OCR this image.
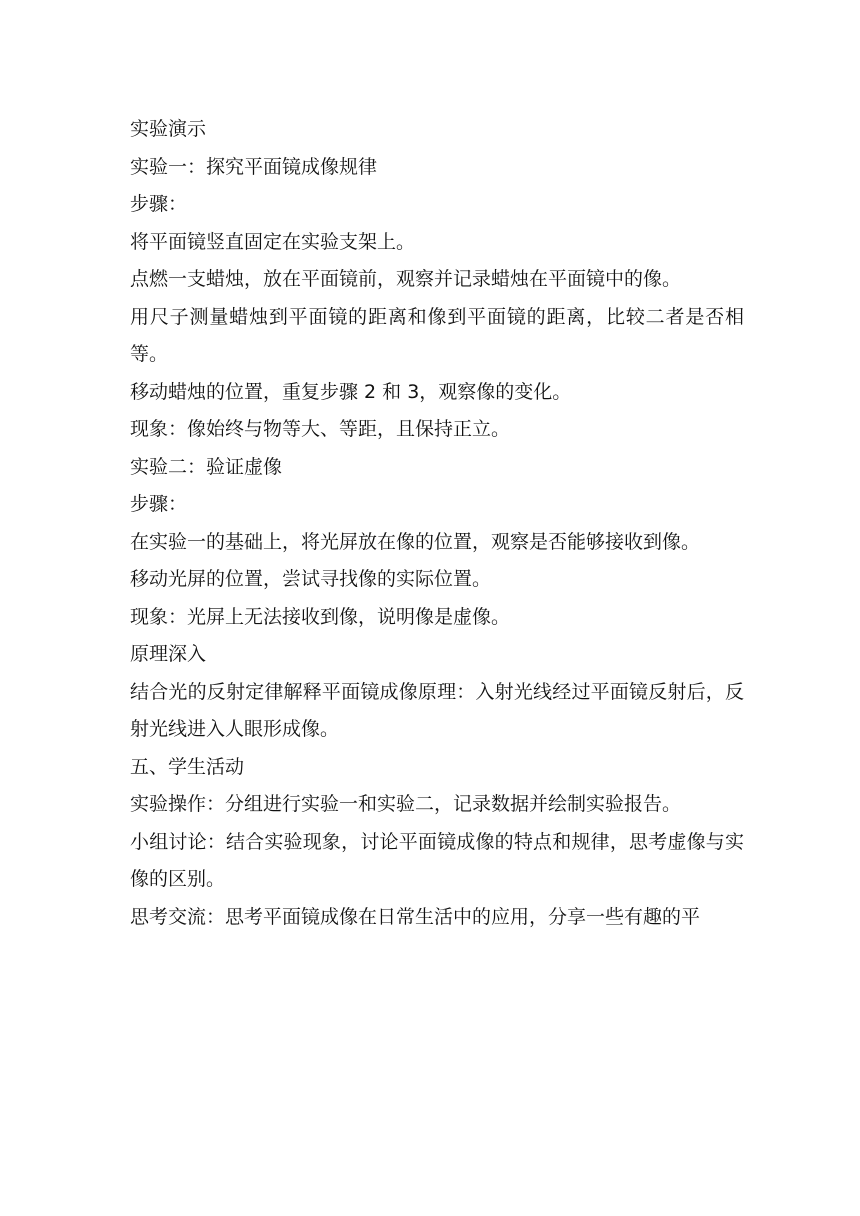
实验演示

实验一：探究平面镜成像规律

步骤：

将平面镜竖直固定在实验支架上。

点燃一支蜡烛，放在平面镜前，观察并记录蜡烛在平面镜中的像。

用尺子测量蜡烛到平面镜的距离和像到平面镜的距离，比较二者是否相等。

移动蜡烛的位置，重复步骤 2 和 3，观察像的变化。

现象：像始终与物等大、等距，且保持正立。

实验二：验证虚像

步骤：

在实验一的基础上，将光屏放在像的位置，观察是否能够接收到像。

移动光屏的位置，尝试寻找像的实际位置。

现象：光屏上无法接收到像，说明像是虚像。

原理深入

结合光的反射定律解释平面镜成像原理：入射光线经过平面镜反射后，反射光线进入人眼形成像。

五、学生活动

实验操作：分组进行实验一和实验二，记录数据并绘制实验报告。

小组讨论：结合实验现象，讨论平面镜成像的特点和规律，思考虚像与实像的区别。

思考交流：思考平面镜成像在日常生活中的应用，分享一些有趣的平
